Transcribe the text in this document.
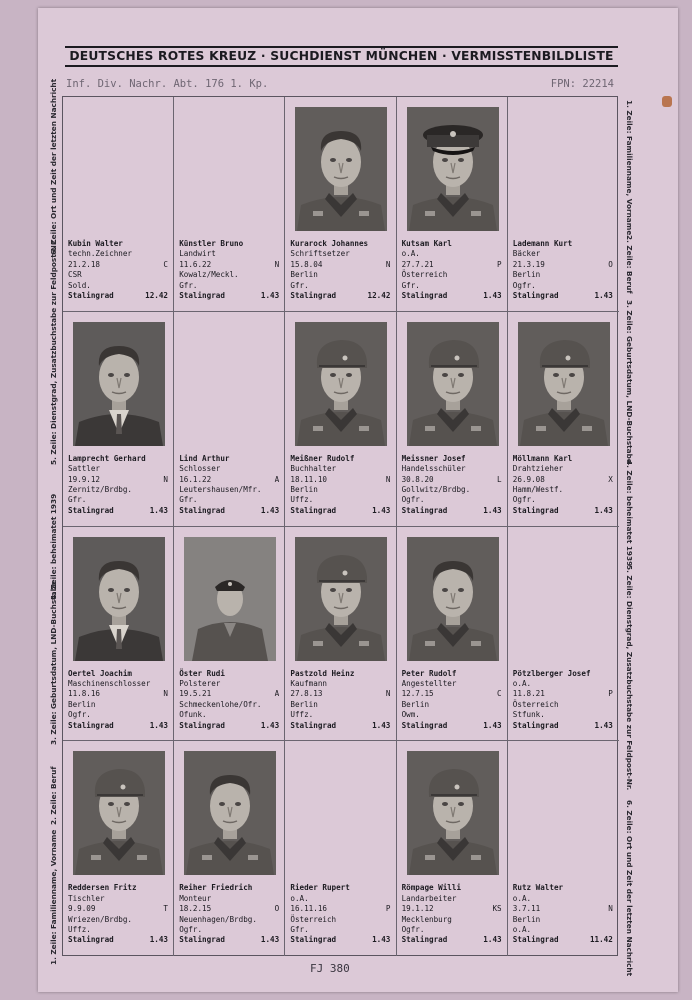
DEUTSCHES ROTES KREUZ · SUCHDIENST MÜNCHEN · VERMISSTENBILDLISTE
Inf. Div. Nachr. Abt. 176 1. Kp.	FPN: 22214
Kubin Walter
techn.Zeichner
21.2.18	C
CSR
Sold.
Stalingrad	12.42
Künstler Bruno
Landwirt
11.6.22	N
Kowalz/Meckl.
Gfr.
Stalingrad	1.43
Kurarock Johannes
Schriftsetzer
15.8.04	N
Berlin
Gfr.
Stalingrad	12.42
Kutsam Karl
o.A.
27.7.21	P
Österreich
Gfr.
Stalingrad	1.43
Lademann Kurt
Bäcker
21.3.19	O
Berlin
Ogfr.
Stalingrad	1.43
Lamprecht Gerhard
Sattler
19.9.12	N
Zernitz/Brdbg.
Gfr.
Stalingrad	1.43
Lind Arthur
Schlosser
16.1.22	A
Leutershausen/Mfr.
Gfr.
Stalingrad	1.43
Meißner Rudolf
Buchhalter
18.11.10	N
Berlin
Uffz.
Stalingrad	1.43
Meissner Josef
Handelsschüler
30.8.20	L
Gollwitz/Brdbg.
Ogfr.
Stalingrad	1.43
Möllmann Karl
Drahtzieher
26.9.08	X
Hamm/Westf.
Ogfr.
Stalingrad	1.43
Oertel Joachim
Maschinenschlosser
11.8.16	N
Berlin
Ogfr.
Stalingrad	1.43
Öster Rudi
Polsterer
19.5.21	A
Schmeckenlohe/Ofr.
Ofunk.
Stalingrad	1.43
Pastzold Heinz
Kaufmann
27.8.13	N
Berlin
Uffz.
Stalingrad	1.43
Peter Rudolf
Angestellter
12.7.15	C
Berlin
Owm.
Stalingrad	1.43
Pötzlberger Josef
o.A.
11.8.21	P
Österreich
Stfunk.
Stalingrad	1.43
Reddersen Fritz
Tischler
9.9.09	T
Wriezen/Brdbg.
Uffz.
Stalingrad	1.43
Reiher Friedrich
Monteur
18.2.15	O
Neuenhagen/Brdbg.
Ogfr.
Stalingrad	1.43
Rieder Rupert
o.A.
16.11.16	P
Österreich
Gfr.
Stalingrad	1.43
Römpage Willi
Landarbeiter
19.1.12	KS
Mecklenburg
Ogfr.
Stalingrad	1.43
Rutz Walter
o.A.
3.7.11	N
Berlin
o.A.
Stalingrad	11.42
FJ 380
1. Zeile: Familienname, Vorname
2. Zeile: Beruf
3. Zeile: Geburtsdatum, LND-Buchstabe
4. Zeile: beheimatet 1939
5. Zeile: Dienstgrad, Zusatzbuchstabe zur Feldpost-Nr.
6. Zeile: Ort und Zeit der letzten Nachricht	1. Zeile: Familienname, Vorname
2. Zeile: Beruf
3. Zeile: Geburtsdatum, LND-Buchstabe
4. Zeile: beheimatet 1939
5. Zeile: Dienstgrad, Zusatzbuchstabe zur Feldpost-Nr.
6. Zeile: Ort und Zeit der letzten Nachricht
